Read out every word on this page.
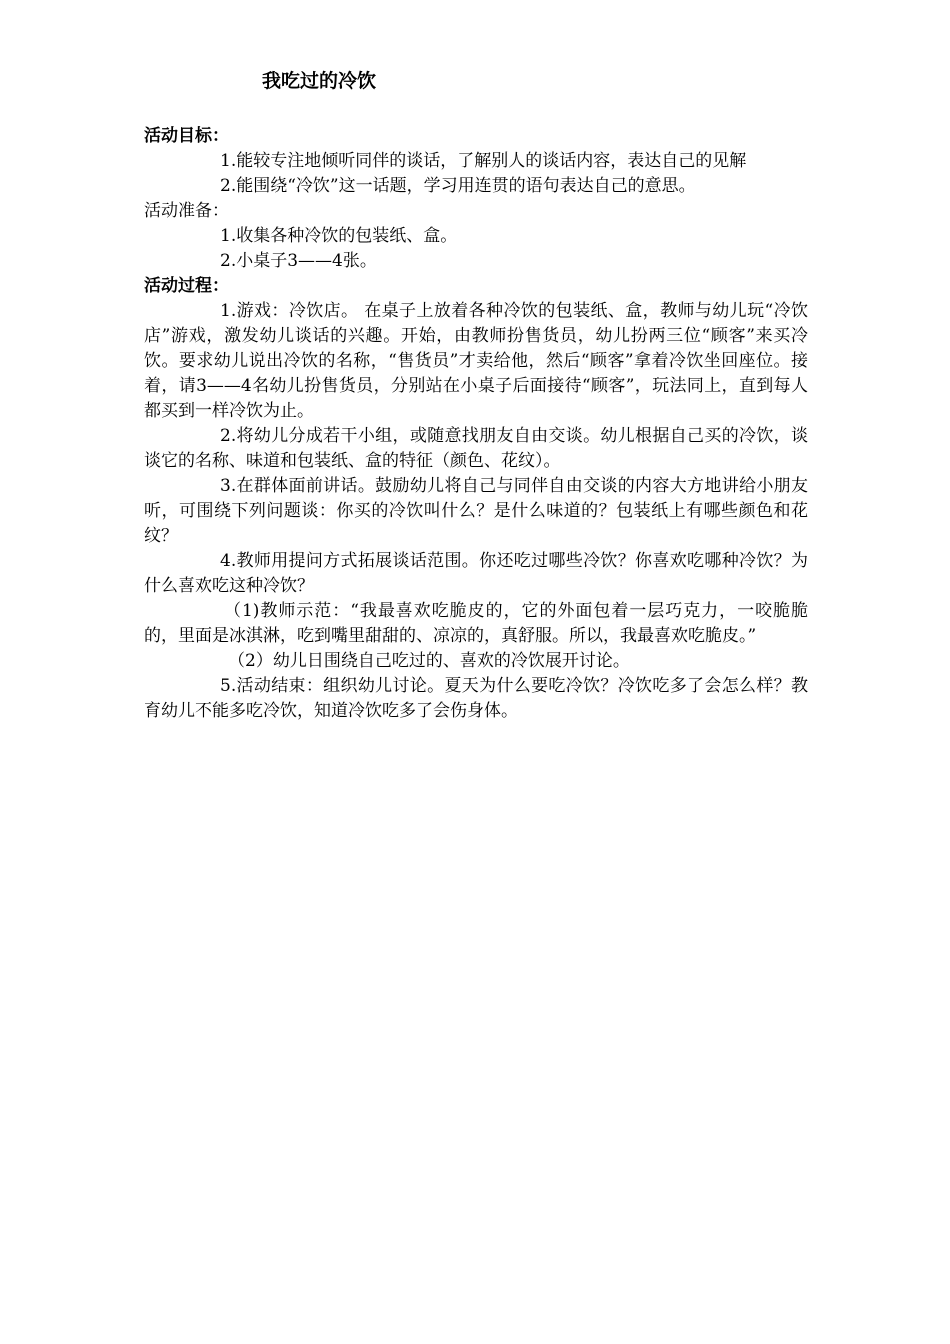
我吃过的冷饮

活动目标：

1.能较专注地倾听同伴的谈话，了解别人的谈话内容，表达自己的见解

2.能围绕“冷饮”这一话题，学习用连贯的语句表达自己的意思。

活动准备：

1.收集各种冷饮的包装纸、盒。

2.小桌子3——4张。

活动过程：

1.游戏：冷饮店。 在桌子上放着各种冷饮的包装纸、盒，教师与幼儿玩“冷饮店”游戏，激发幼儿谈话的兴趣。开始，由教师扮售货员，幼儿扮两三位“顾客”来买冷饮。要求幼儿说出冷饮的名称，“售货员”才卖给他，然后“顾客”拿着冷饮坐回座位。接着，请3——4名幼儿扮售货员，分别站在小桌子后面接待“顾客”，玩法同上，直到每人都买到一样冷饮为止。

2.将幼儿分成若干小组，或随意找朋友自由交谈。幼儿根据自己买的冷饮，谈谈它的名称、味道和包装纸、盒的特征（颜色、花纹）。

3.在群体面前讲话。鼓励幼儿将自己与同伴自由交谈的内容大方地讲给小朋友听，可围绕下列问题谈：你买的冷饮叫什么？是什么味道的？包装纸上有哪些颜色和花纹？

4.教师用提问方式拓展谈话范围。你还吃过哪些冷饮？你喜欢吃哪种冷饮？为什么喜欢吃这种冷饮？

（1)教师示范：“我最喜欢吃脆皮的，它的外面包着一层巧克力，一咬脆脆的，里面是冰淇淋，吃到嘴里甜甜的、凉凉的，真舒服。所以，我最喜欢吃脆皮。”

（2）幼儿日围绕自己吃过的、喜欢的冷饮展开讨论。

5.活动结束：组织幼儿讨论。夏天为什么要吃冷饮？冷饮吃多了会怎么样？教育幼儿不能多吃冷饮，知道冷饮吃多了会伤身体。
